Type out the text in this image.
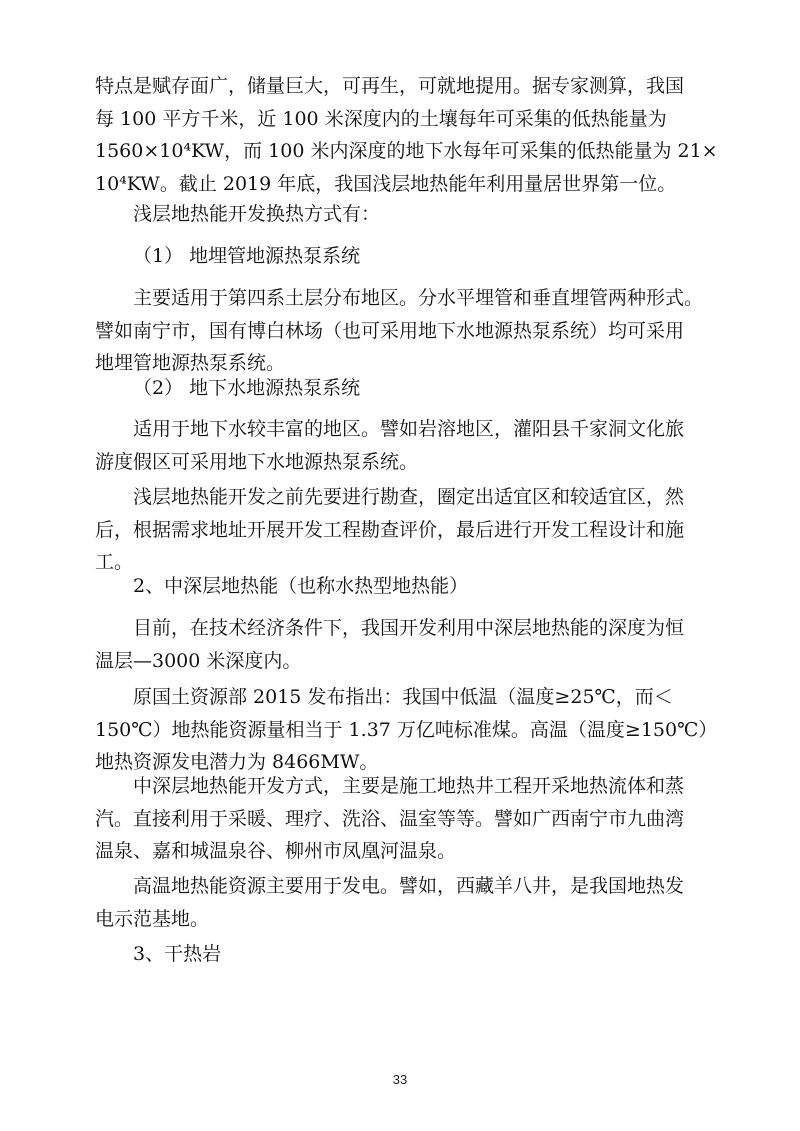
特点是赋存面广，储量巨大，可再生，可就地提用。据专家测算，我国
每 100 平方千米，近 100 米深度内的土壤每年可采集的低热能量为
1560×10⁴KW，而 100 米内深度的地下水每年可采集的低热能量为 21×
10⁴KW。截止 2019 年底，我国浅层地热能年利用量居世界第一位。
浅层地热能开发换热方式有：
（1） 地埋管地源热泵系统
主要适用于第四系土层分布地区。分水平埋管和垂直埋管两种形式。
譬如南宁市，国有博白林场（也可采用地下水地源热泵系统）均可采用
地埋管地源热泵系统。
（2） 地下水地源热泵系统
适用于地下水较丰富的地区。譬如岩溶地区，灌阳县千家洞文化旅
游度假区可采用地下水地源热泵系统。
浅层地热能开发之前先要进行勘查，圈定出适宜区和较适宜区，然
后，根据需求地址开展开发工程勘查评价，最后进行开发工程设计和施
工。
2、中深层地热能（也称水热型地热能）
目前，在技术经济条件下，我国开发利用中深层地热能的深度为恒
温层—3000 米深度内。
原国土资源部 2015 发布指出：我国中低温（温度≥25℃，而＜
150℃）地热能资源量相当于 1.37 万亿吨标准煤。高温（温度≥150℃）
地热资源发电潜力为 8466MW。
中深层地热能开发方式，主要是施工地热井工程开采地热流体和蒸
汽。直接利用于采暖、理疗、洗浴、温室等等。譬如广西南宁市九曲湾
温泉、嘉和城温泉谷、柳州市凤凰河温泉。
高温地热能资源主要用于发电。譬如，西藏羊八井，是我国地热发
电示范基地。
3、干热岩
33
